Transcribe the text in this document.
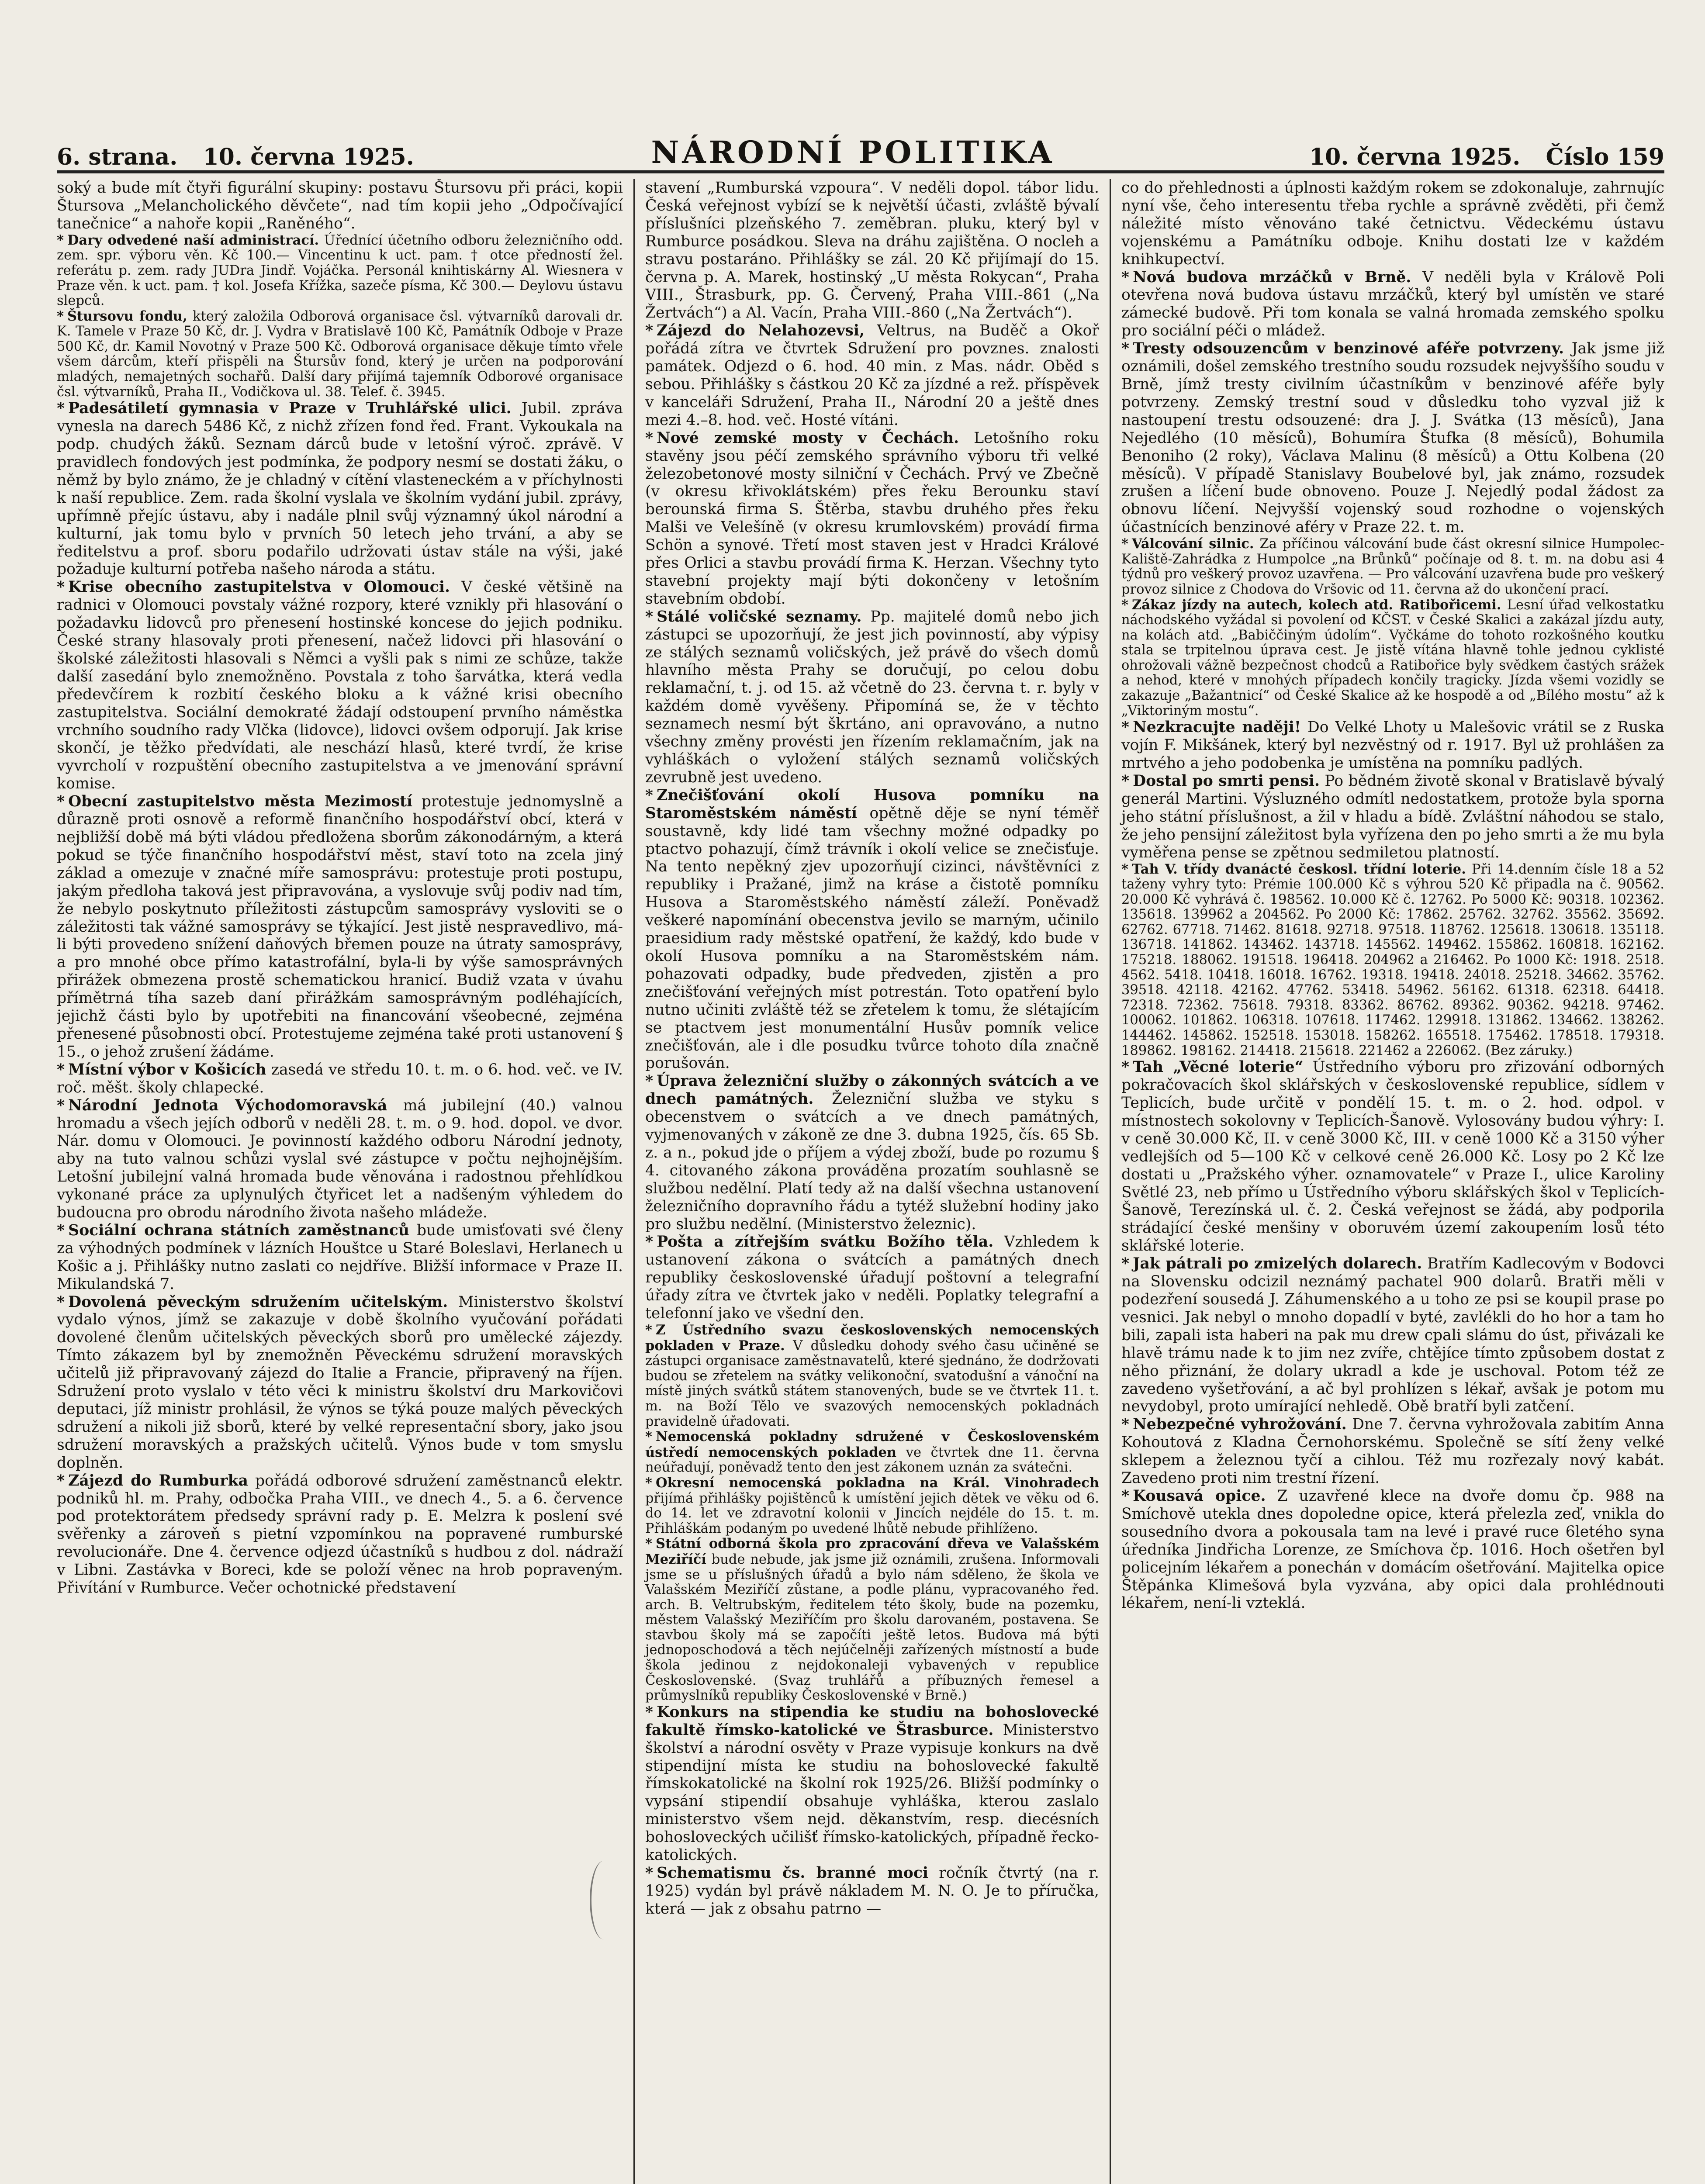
6. strana. 10. června 1925.	NÁRODNÍ POLITIKA	10. června 1925. Číslo 159

soký a bude mít čtyři figurální skupiny: postavu Štursovu při práci, kopii Štursova „Melancholického děvčete“, nad tím kopii jeho „Odpočívající tanečnice“ a nahoře kopii „Raněného“.

* Dary odvedené naší administrací. Úřednící účetního odboru železničního odd. zem. spr. výboru věn. Kč 100.— Vincentinu k uct. pam. † otce předností žel. referátu p. zem. rady JUDra Jindř. Vojáčka. Personál knihtiskárny Al. Wiesnera v Praze věn. k uct. pam. † kol. Josefa Křížka, sazeče písma, Kč 300.— Deylovu ústavu slepců.

* Štursovu fondu, který založila Odborová organisace čsl. výtvarníků darovali dr. K. Tamele v Praze 50 Kč, dr. J. Vydra v Bratislavě 100 Kč, Památník Odboje v Praze 500 Kč, dr. Kamil Novotný v Praze 500 Kč. Odborová organisace děkuje tímto vřele všem dárcům, kteří přispěli na Štursův fond, který je určen na podporování mladých, nemajetných sochařů. Další dary přijímá tajemník Odborové organisace čsl. výtvarníků, Praha II., Vodičkova ul. 38. Telef. č. 3945.

* Padesátiletí gymnasia v Praze v Truhlářské ulici. Jubil. zpráva vynesla na darech 5486 Kč, z nichž zřízen fond řed. Frant. Vykoukala na podp. chudých žáků. Seznam dárců bude v letošní výroč. zprávě. V pravidlech fondových jest podmínka, že podpory nesmí se dostati žáku, o němž by bylo známo, že je chladný v cítění vlasteneckém a v příchylnosti k naší republice. Zem. rada školní vyslala ve školním vydání jubil. zprávy, upřímně přejíc ústavu, aby i nadále plnil svůj významný úkol národní a kulturní, jak tomu bylo v prvních 50 letech jeho trvání, a aby se ředitelstvu a prof. sboru podařilo udržovati ústav stále na výši, jaké požaduje kulturní potřeba našeho národa a státu.

* Krise obecního zastupitelstva v Olomouci. V české většině na radnici v Olomouci povstaly vážné rozpory, které vznikly při hlasování o požadavku lidovců pro přenesení hostinské koncese do jejich podniku. České strany hlasovaly proti přenesení, načež lidovci při hlasování o školské záležitosti hlasovali s Němci a vyšli pak s nimi ze schůze, takže další zasedání bylo znemožněno. Povstala z toho šarvátka, která vedla předevčírem k rozbití českého bloku a k vážné krisi obecního zastupitelstva. Sociální demokraté žádají odstoupení prvního náměstka vrchního soudního rady Vlčka (lidovce), lidovci ovšem odporují. Jak krise skončí, je těžko předvídati, ale neschází hlasů, které tvrdí, že krise vyvrcholí v rozpuštění obecního zastupitelstva a ve jmenování správní komise.

* Obecní zastupitelstvo města Mezimostí protestuje jednomyslně a důrazně proti osnově a reformě finančního hospodářství obcí, která v nejbližší době má býti vládou předložena sborům zákonodárným, a která pokud se týče finančního hospodářství měst, staví toto na zcela jiný základ a omezuje v značné míře samosprávu: protestuje proti postupu, jakým předloha taková jest připravována, a vyslovuje svůj podiv nad tím, že nebylo poskytnuto příležitosti zástupcům samosprávy vysloviti se o záležitosti tak vážné samosprávy se týkající. Jest jistě nespravedlivo, má-li býti provedeno snížení daňových břemen pouze na útraty samosprávy, a pro mnohé obce přímo katastrofální, byla-li by výše samosprávných přirážek obmezena prostě schematickou hranicí. Budiž vzata v úvahu přímětrná tíha sazeb daní přirážkám samosprávným podléhajících, jejichž části bylo by upotřebiti na financování všeobecné, zejména přenesené působnosti obcí. Protestujeme zejména také proti ustanovení § 15., o jehož zrušení žádáme.

* Místní výbor v Košicích zasedá ve středu 10. t. m. o 6. hod. več. ve IV. roč. měšt. školy chlapecké.

* Národní Jednota Východomoravská má jubilejní (40.) valnou hromadu a všech jejích odborů v neděli 28. t. m. o 9. hod. dopol. ve dvor. Nár. domu v Olomouci. Je povinností každého odboru Národní jednoty, aby na tuto valnou schůzi vyslal své zástupce v počtu nejhojnějším. Letošní jubilejní valná hromada bude věnována i radostnou přehlídkou vykonané práce za uplynulých čtyřicet let a nadšeným výhledem do budoucna pro obrodu národního života našeho mládeže.

* Sociální ochrana státních zaměstnanců bude umisťovati své členy za výhodných podmínek v lázních Houštce u Staré Boleslavi, Herlanech u Košic a j. Přihlášky nutno zaslati co nejdříve. Bližší informace v Praze II. Mikulandská 7.

* Dovolená pěveckým sdružením učitelským. Ministerstvo školství vydalo výnos, jímž se zakazuje v době školního vyučování pořádati dovolené členům učitelských pěveckých sborů pro umělecké zájezdy. Tímto zákazem byl by znemožněn Pěveckému sdružení moravských učitelů již připravovaný zájezd do Italie a Francie, připravený na říjen. Sdružení proto vyslalo v této věci k ministru školství dru Markovičovi deputaci, jíž ministr prohlásil, že výnos se týká pouze malých pěveckých sdružení a nikoli již sborů, které by velké representační sbory, jako jsou sdružení moravských a pražských učitelů. Výnos bude v tom smyslu doplněn.

* Zájezd do Rumburka pořádá odborové sdružení zaměstnanců elektr. podniků hl. m. Prahy, odbočka Praha VIII., ve dnech 4., 5. a 6. července pod protektorátem předsedy správní rady p. E. Melzra k poslení své svěřenky a zároveň s pietní vzpomínkou na popravené rumburské revolucionáře. Dne 4. července odjezd účastníků s hudbou z dol. nádraží v Libni. Zastávka v Boreci, kde se položí věnec na hrob popraveným. Přivítání v Rumburce. Večer ochotnické představení

stavení „Rumburská vzpoura“. V neděli dopol. tábor lidu. Česká veřejnost vybízí se k největší účasti, zvláště bývalí příslušníci plzeňského 7. zeměbran. pluku, který byl v Rumburce posádkou. Sleva na dráhu zajištěna. O nocleh a stravu postaráno. Přihlášky se zál. 20 Kč přijímají do 15. června p. A. Marek, hostinský „U města Rokycan“, Praha VIII., Štrasburk, pp. G. Červený, Praha VIII.-861 („Na Žertvách“) a Al. Vacín, Praha VIII.-860 („Na Žertvách“).

* Zájezd do Nelahozevsi, Veltrus, na Buděč a Okoř pořádá zítra ve čtvrtek Sdružení pro povznes. znalosti památek. Odjezd o 6. hod. 40 min. z Mas. nádr. Oběd s sebou. Přihlášky s částkou 20 Kč za jízdné a rež. příspěvek v kanceláři Sdružení, Praha II., Národní 20 a ještě dnes mezi 4.–8. hod. več. Hosté vítáni.

* Nové zemské mosty v Čechách. Letošního roku stavěny jsou péčí zemského správního výboru tři velké železobetonové mosty silniční v Čechách. Prvý ve Zbečně (v okresu křivoklátském) přes řeku Berounku staví berounská firma S. Štěrba, stavbu druhého přes řeku Malši ve Velešíně (v okresu krumlovském) provádí firma Schön a synové. Třetí most staven jest v Hradci Králové přes Orlici a stavbu provádí firma K. Herzan. Všechny tyto stavební projekty mají býti dokončeny v letošním stavebním období.

* Stálé voličské seznamy. Pp. majitelé domů nebo jich zástupci se upozorňují, že jest jich povinností, aby výpisy ze stálých seznamů voličských, jež právě do všech domů hlavního města Prahy se doručují, po celou dobu reklamační, t. j. od 15. až včetně do 23. června t. r. byly v každém domě vyvěšeny. Připomíná se, že v těchto seznamech nesmí být škrtáno, ani opravováno, a nutno všechny změny provésti jen řízením reklamačním, jak na vyhláškách o vyložení stálých seznamů voličských zevrubně jest uvedeno.

* Znečišťování okolí Husova pomníku na Staroměstském náměstí opětně děje se nyní téměř soustavně, kdy lidé tam všechny možné odpadky po ptactvo pohazují, čímž trávník i okolí velice se znečisťuje. Na tento nepěkný zjev upozorňují cizinci, návštěvníci z republiky i Pražané, jimž na kráse a čistotě pomníku Husova a Staroměstského náměstí záleží. Poněvadž veškeré napomínání obecenstva jevilo se marným, učinilo praesidium rady městské opatření, že každý, kdo bude v okolí Husova pomníku a na Staroměstském nám. pohazovati odpadky, bude předveden, zjistěn a pro znečišťování veřejných míst potrestán. Toto opatření bylo nutno učiniti zvláště též se zřetelem k tomu, že slétajícím se ptactvem jest monumentální Husův pomník velice znečišťován, ale i dle posudku tvůrce tohoto díla značně porušován.

* Úprava železniční služby o zákonných svátcích a ve dnech památných. Železniční služba ve styku s obecenstvem o svátcích a ve dnech památných, vyjmenovaných v zákoně ze dne 3. dubna 1925, čís. 65 Sb. z. a n., pokud jde o příjem a výdej zboží, bude po rozumu § 4. citovaného zákona prováděna prozatím souhlasně se službou nedělní. Platí tedy až na další všechna ustanovení železničního dopravního řádu a tytéž služební hodiny jako pro službu nedělní. (Ministerstvo železnic).

* Pošta a zítřejším svátku Božího těla. Vzhledem k ustanovení zákona o svátcích a památných dnech republiky československé úřadují poštovní a telegrafní úřady zítra ve čtvrtek jako v neděli. Poplatky telegrafní a telefonní jako ve všední den.

* Z Ústředního svazu československých nemocenských pokladen v Praze. V důsledku dohody svého času učiněné se zástupci organisace zaměstnavatelů, které sjednáno, že dodržovati budou se zřetelem na svátky velikonoční, svatodušní a vánoční na místě jiných svátků státem stanovených, bude se ve čtvrtek 11. t. m. na Boží Tělo ve svazových nemocenských pokladnách pravidelně úřadovati.

* Nemocenská pokladny sdružené v Československém ústředí nemocenských pokladen ve čtvrtek dne 11. června neúřadují, poněvadž tento den jest zákonem uznán za svátečni.

* Okresní nemocenská pokladna na Král. Vinohradech přijímá přihlášky pojištěnců k umístění jejich dětek ve věku od 6. do 14. let ve zdravotní kolonii v Jincích nejdéle do 15. t. m. Přihláškám podaným po uvedené lhůtě nebude přihlíženo.

* Státní odborná škola pro zpracování dřeva ve Valašském Meziříčí bude nebude, jak jsme již oznámili, zrušena. Informovali jsme se u příslušných úřadů a bylo nám sděleno, že škola ve Valašském Meziříčí zůstane, a podle plánu, vypracovaného řed. arch. B. Veltrubským, ředitelem této školy, bude na pozemku, městem Valašský Meziříčím pro školu darovaném, postavena. Se stavbou školy má se započíti ještě letos. Budova má býti jednoposchodová a těch nejúčelněji zařízených místností a bude škola jedinou z nejdokonaleji vybavených v republice Československé. (Svaz truhlářů a příbuzných řemesel a průmyslníků republiky Československé v Brně.)

* Konkurs na stipendia ke studiu na bohoslovecké fakultě římsko-katolické ve Štrasburce. Ministerstvo školství a národní osvěty v Praze vypisuje konkurs na dvě stipendijní místa ke studiu na bohoslovecké fakultě římskokatolické na školní rok 1925/26. Bližší podmínky o vypsání stipendií obsahuje vyhláška, kterou zaslalo ministerstvo všem nejd. děkanstvím, resp. diecésních bohosloveckých učilišť římsko-katolických, případně řecko-katolických.

* Schematismu čs. branné moci ročník čtvrtý (na r. 1925) vydán byl právě nákladem M. N. O. Je to příručka, která — jak z obsahu patrno —

co do přehlednosti a úplnosti každým rokem se zdokonaluje, zahrnujíc nyní vše, čeho interesentu třeba rychle a správně zvěděti, při čemž náležité místo věnováno také četnictvu. Vědeckému ústavu vojenskému a Památníku odboje. Knihu dostati lze v každém knihkupectví.

* Nová budova mrzáčků v Brně. V neděli byla v Králově Poli otevřena nová budova ústavu mrzáčků, který byl umístěn ve staré zámecké budově. Při tom konala se valná hromada zemského spolku pro sociální péči o mládež.

* Tresty odsouzencům v benzinové aféře potvrzeny. Jak jsme již oznámili, došel zemského trestního soudu rozsudek nejvyššího soudu v Brně, jímž tresty civilním účastníkům v benzinové aféře byly potvrzeny. Zemský trestní soud v důsledku toho vyzval již k nastoupení trestu odsouzené: dra J. J. Svátka (13 měsíců), Jana Nejedlého (10 měsíců), Bohumíra Štufka (8 měsíců), Bohumila Benoniho (2 roky), Václava Malinu (8 měsíců) a Ottu Kolbena (20 měsíců). V případě Stanislavy Boubelové byl, jak známo, rozsudek zrušen a líčení bude obnoveno. Pouze J. Nejedlý podal žádost za obnovu líčení. Nejvyšší vojenský soud rozhodne o vojenských účastnících benzinové aféry v Praze 22. t. m.

* Válcování silnic. Za příčinou válcování bude část okresní silnice Humpolec-Kaliště-Zahrádka z Humpolce „na Brůnků“ počínaje od 8. t. m. na dobu asi 4 týdnů pro veškerý provoz uzavřena. — Pro válcování uzavřena bude pro veškerý provoz silnice z Chodova do Vršovic od 11. června až do ukončení prací.

* Zákaz jízdy na autech, kolech atd. Ratibořicemi. Lesní úřad velkostatku náchodského vyžádal si povolení od KČST. v České Skalici a zakázal jízdu auty, na kolách atd. „Babiččiným údolím“. Vyčkáme do tohoto rozkošného koutku stala se trpitelnou úprava cest. Je jistě vítána hlavně tohle jednou cyklisté ohrožovali vážně bezpečnost chodců a Ratibořice byly svědkem častých srážek a nehod, které v mnohých případech končily tragicky. Jízda všemi vozidly se zakazuje „Bažantnicí“ od České Skalice až ke hospodě a od „Bílého mostu“ až k „Viktoriným mostu“.

* Nezkracujte naději! Do Velké Lhoty u Malešovic vrátil se z Ruska vojín F. Mikšánek, který byl nezvěstný od r. 1917. Byl už prohlášen za mrtvého a jeho podobenka je umístěna na pomníku padlých.

* Dostal po smrti pensi. Po bědném životě skonal v Bratislavě bývalý generál Martini. Výsluzného odmítl nedostatkem, protože byla sporna jeho státní příslušnost, a žil v hladu a bídě. Zvláštní náhodou se stalo, že jeho pensijní záležitost byla vyřízena den po jeho smrti a že mu byla vyměřena pense se zpětnou sedmiletou platností.

* Tah V. třídy dvanácté českosl. třídní loterie. Při 14.denním čísle 18 a 52 taženy vyhry tyto: Prémie 100.000 Kč s výhrou 520 Kč připadla na č. 90562. 20.000 Kč vyhrává č. 198562. 10.000 Kč č. 12762. Po 5000 Kč: 90318. 102362. 135618. 139962 a 204562. Po 2000 Kč: 17862. 25762. 32762. 35562. 35692. 62762. 67718. 71462. 81618. 92718. 97518. 118762. 125618. 130618. 135118. 136718. 141862. 143462. 143718. 145562. 149462. 155862. 160818. 162162. 175218. 188062. 191518. 196418. 204962 a 216462. Po 1000 Kč: 1918. 2518. 4562. 5418. 10418. 16018. 16762. 19318. 19418. 24018. 25218. 34662. 35762. 39518. 42118. 42162. 47762. 53418. 54962. 56162. 61318. 62318. 64418. 72318. 72362. 75618. 79318. 83362. 86762. 89362. 90362. 94218. 97462. 100062. 101862. 106318. 107618. 117462. 129918. 131862. 134662. 138262. 144462. 145862. 152518. 153018. 158262. 165518. 175462. 178518. 179318. 189862. 198162. 214418. 215618. 221462 a 226062. (Bez záruky.)

* Tah „Věcné loterie“ Ústředního výboru pro zřizování odborných pokračovacích škol sklářských v československé republice, sídlem v Teplicích, bude určitě v pondělí 15. t. m. o 2. hod. odpol. v místnostech sokolovny v Teplicích-Šanově. Vylosovány budou výhry: I. v ceně 30.000 Kč, II. v ceně 3000 Kč, III. v ceně 1000 Kč a 3150 výher vedlejších od 5—100 Kč v celkové ceně 26.000 Kč. Losy po 2 Kč lze dostati u „Pražského výher. oznamovatele“ v Praze I., ulice Karoliny Světlé 23, neb přímo u Ústředního výboru sklářských škol v Teplicích-Šanově, Terezínská ul. č. 2. Česká veřejnost se žádá, aby podporila strádající české menšiny v oboruvém území zakoupením losů této sklářské loterie.

* Jak pátrali po zmizelých dolarech. Bratřím Kadlecovým v Bodovci na Slovensku odcizil neznámý pachatel 900 dolarů. Bratři měli v podezření sousedá J. Záhumenského a u toho ze psi se koupil prase po vesnici. Jak nebyl o mnoho dopadlí v byté, zavlékli do ho hor a tam ho bili, zapali ista haberi na pak mu drew cpali slámu do úst, přivázali ke hlavě trámu nade k to jim nez zvíře, chtějíce tímto způsobem dostat z něho přiznání, že dolary ukradl a kde je uschoval. Potom též ze zavedeno vyšetřování, a ač byl prohlízen s lékař, avšak je potom mu nevydobyl, proto umírající nehledě. Obě bratří byli zatčení.

* Nebezpečné vyhrožování. Dne 7. června vyhrožovala zabitím Anna Kohoutová z Kladna Černohorskému. Společně se sítí ženy velké sklepem a železnou tyčí a cihlou. Též mu rozřezaly nový kabát. Zavedeno proti nim trestní řízení.

* Kousavá opice. Z uzavřené klece na dvoře domu čp. 988 na Smíchově utekla dnes dopoledne opice, která přelezla zeď, vnikla do sousedního dvora a pokousala tam na levé i pravé ruce 6letého syna úředníka Jindřicha Lorenze, ze Smíchova čp. 1016. Hoch ošetřen byl policejním lékařem a ponechán v domácím ošetřování. Majitelka opice Štěpánka Klimešová byla vyzvána, aby opici dala prohlédnouti lékařem, není-li vzteklá.
